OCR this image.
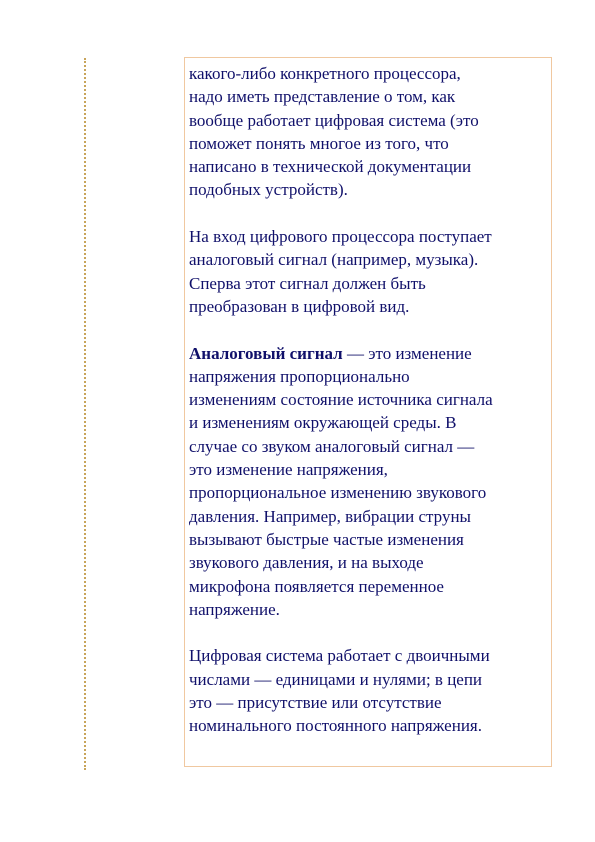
какого-либо конкретного процессора,
надо иметь представление о том, как
вообще работает цифровая система (это
поможет понять многое из того, что
написано в технической документации
подобных устройств).

На вход цифрового процессора поступает
аналоговый сигнал (например, музыка).
Сперва этот сигнал должен быть
преобразован в цифровой вид.

Аналоговый сигнал — это изменение
напряжения пропорционально
изменениям состояние источника сигнала
и изменениям окружающей среды. В
случае со звуком аналоговый сигнал —
это изменение напряжения,
пропорциональное изменению звукового
давления. Например, вибрации струны
вызывают быстрые частые изменения
звукового давления, и на выходе
микрофона появляется переменное
напряжение.

Цифровая система работает с двоичными
числами — единицами и нулями; в цепи
это — присутствие или отсутствие
номинального постоянного напряжения.
